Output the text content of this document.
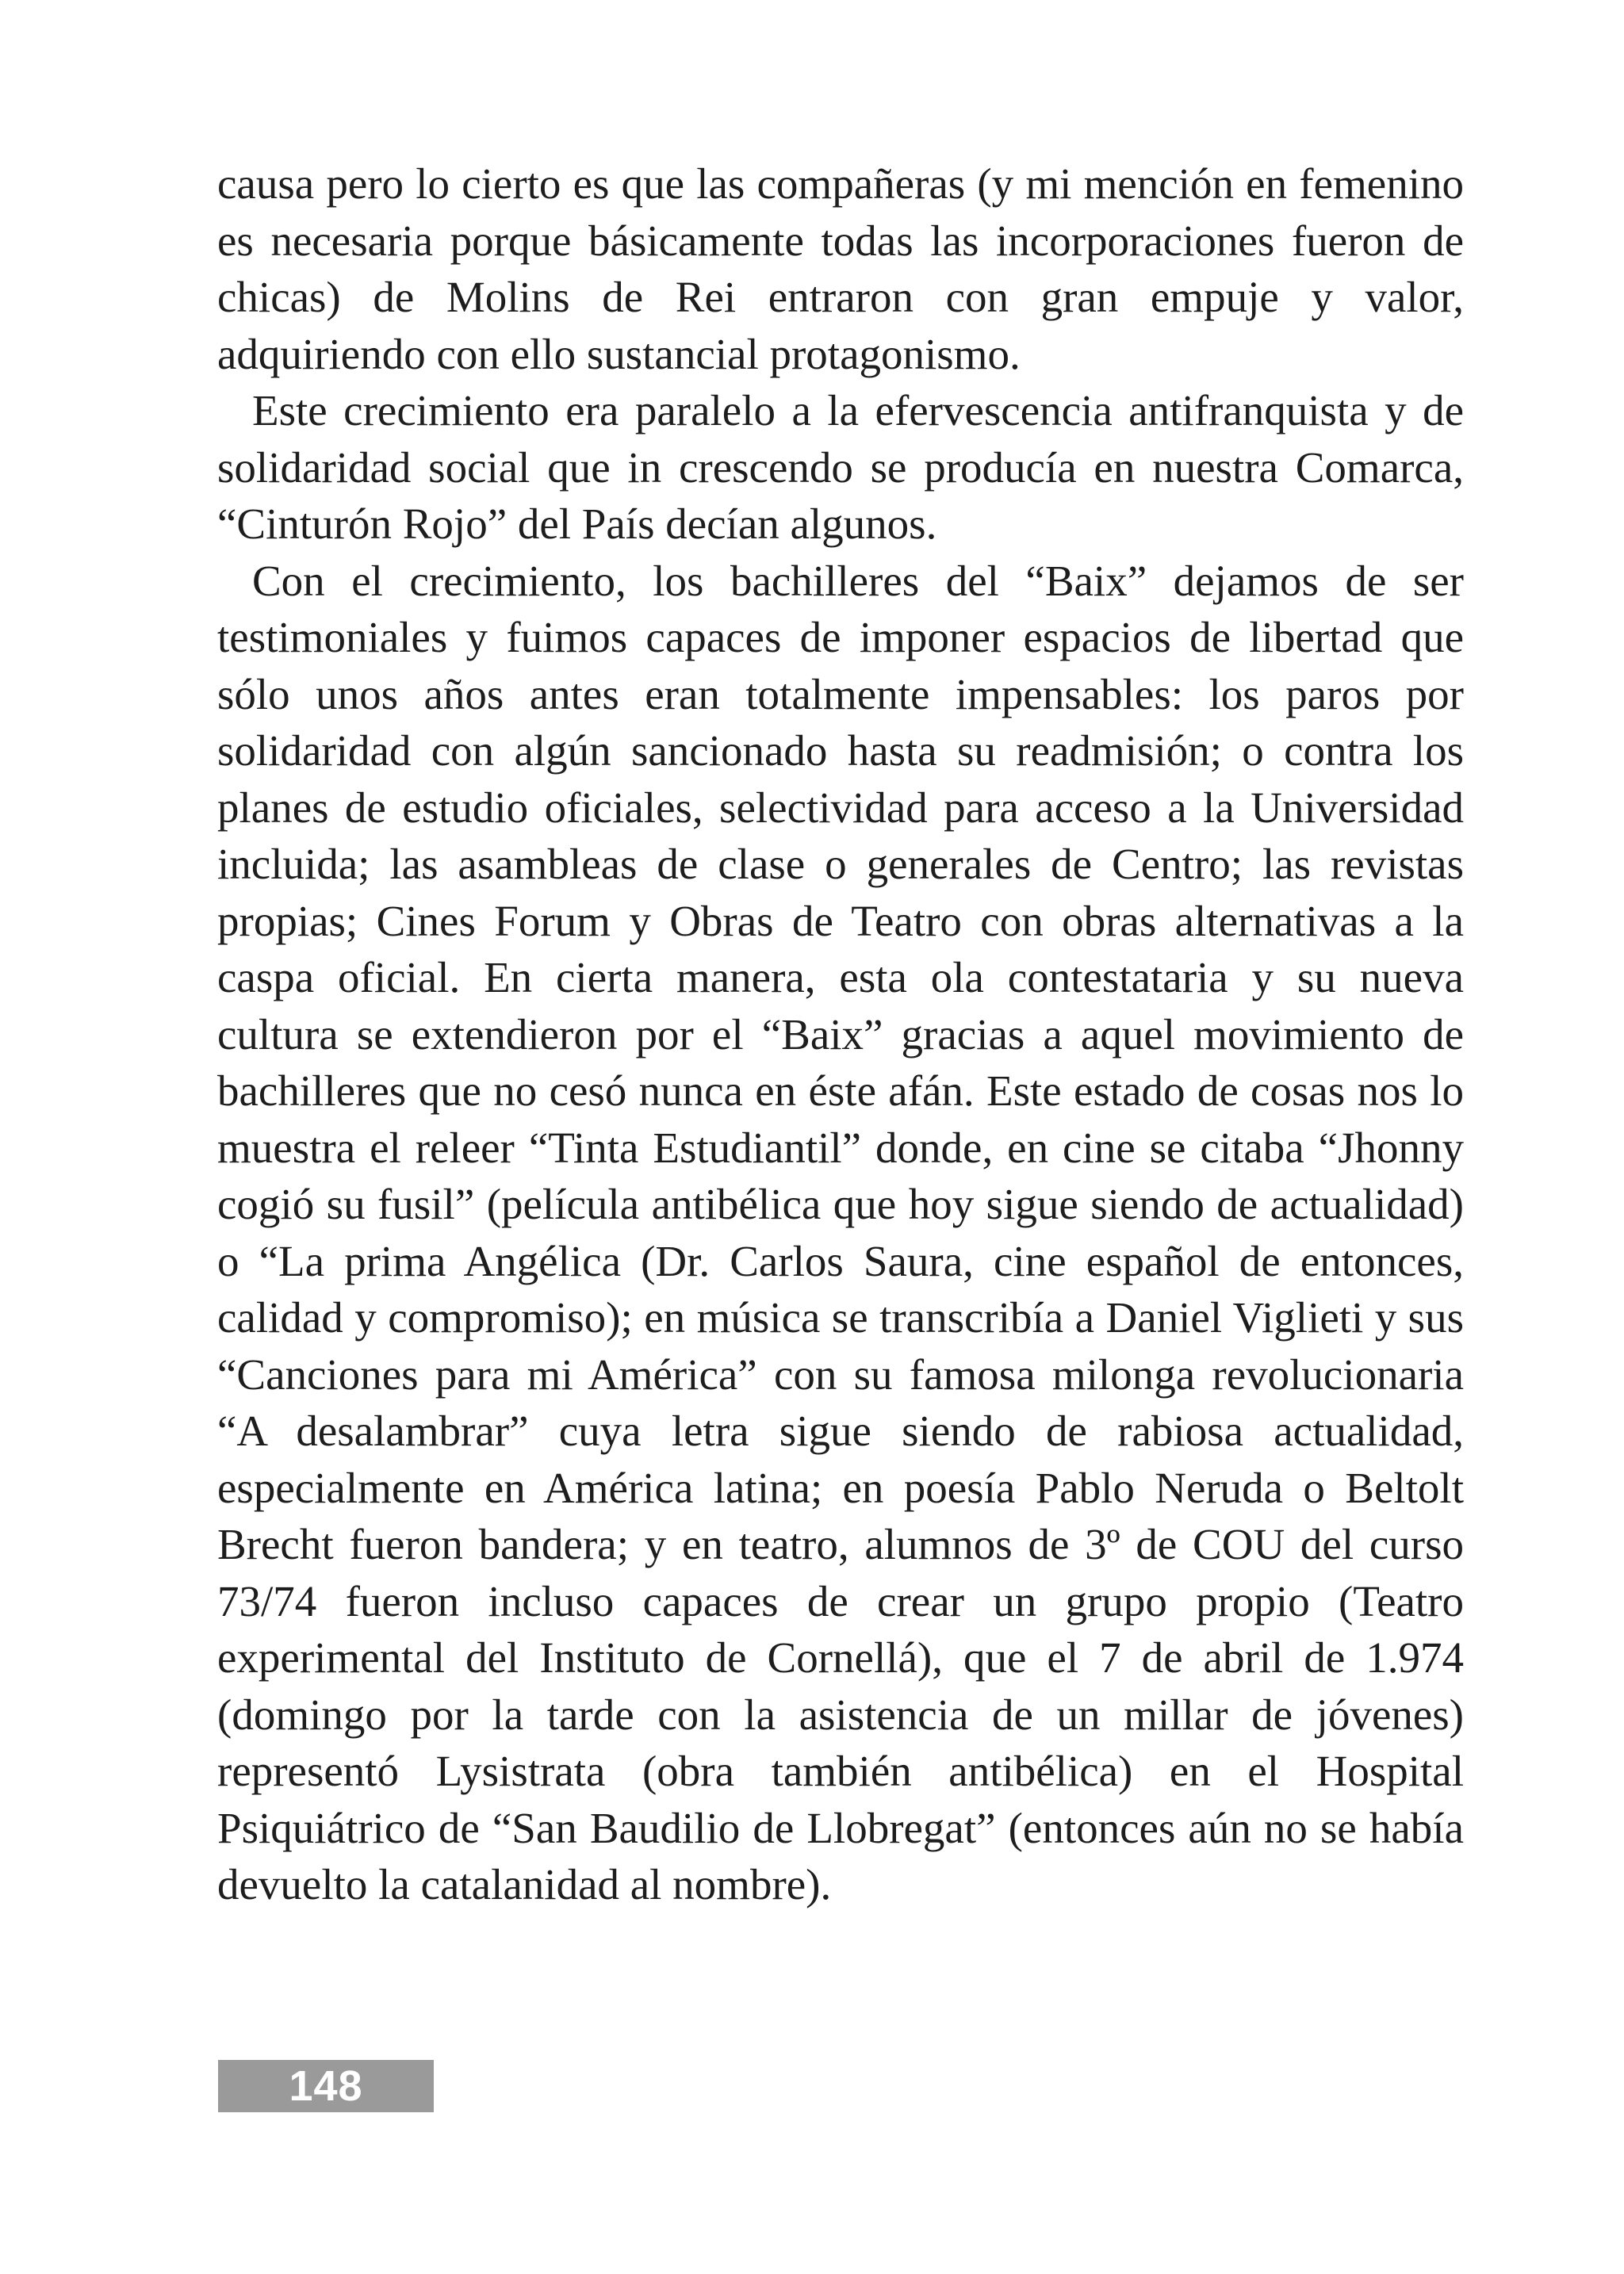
causa pero lo cierto es que las compañeras (y mi mención en femenino es necesaria porque básicamente todas las incorporaciones fueron de chicas) de Molins de Rei entraron con gran empuje y valor, adquiriendo con ello sustancial protagonismo.

Este crecimiento era paralelo a la efervescencia antifranquista y de solidaridad social que in crescendo se producía en nuestra Comarca, “Cinturón Rojo” del País decían algunos.

Con el crecimiento, los bachilleres del “Baix” dejamos de ser testimoniales y fuimos capaces de imponer espacios de libertad que sólo unos años antes eran totalmente impensables: los paros por solidaridad con algún sancionado hasta su readmisión; o contra los planes de estudio oficiales, selectividad para acceso a la Universidad incluida; las asambleas de clase o generales de Centro; las revistas propias; Cines Forum y Obras de Teatro con obras alternativas a la caspa oficial. En cierta manera, esta ola contestataria y su nueva cultura se extendieron por el “Baix” gracias a aquel movimiento de bachilleres que no cesó nunca en éste afán. Este estado de cosas nos lo muestra el releer “Tinta Estudiantil” donde, en cine se citaba “Jhonny cogió su fusil” (película antibélica que hoy sigue siendo de actualidad) o “La prima Angélica (Dr. Carlos Saura, cine español de entonces, calidad y compromiso); en música se transcribía a Daniel Viglieti y sus “Canciones para mi América” con su famosa milonga revolucionaria “A desalambrar” cuya letra sigue siendo de rabiosa actualidad, especialmente en América latina; en poesía Pablo Neruda o Beltolt Brecht fueron bandera; y en teatro, alumnos de 3º de COU del curso 73/74 fueron incluso capaces de crear un grupo propio (Teatro experimental del Instituto de Cornellá), que el 7 de abril de 1.974 (domingo por la tarde con la asistencia de un millar de jóvenes) representó Lysistrata (obra también antibélica) en el Hospital Psiquiátrico de “San Baudilio de Llobregat” (entonces aún no se había devuelto la catalanidad al nombre).

148
